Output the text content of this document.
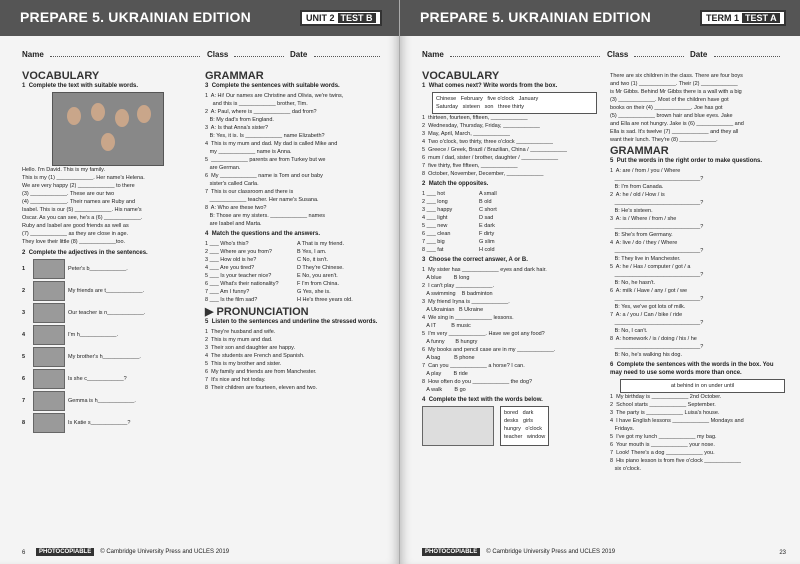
PREPARE 5. UKRAINIAN EDITION	UNIT 2 TEST B
Name	Class	Date
VOCABULARY
1 Complete the text with suitable words.
Hello. I'm David. This is my family.
This is my (1) ____________. Her name's Helena.
We are very happy (2) ____________ to there
(3) ____________. These are our two
(4) ____________. Their names are Ruby and
Isabel. This is our (5) ____________. His name's
Oscar. As you can see, he's a (6) ____________.
Ruby and Isabel are good friends as well as
(7) ____________ as they are close in age.
They love their little (8) ____________too.
2 Complete the adjectives in the sentences.
1	Peter's b____________.
2	My friends are t____________.
3	Our teacher is n____________.
4	I'm h____________.
5	My brother's h____________.
6	Is she c____________?
7	Gemma is h____________.
8	Is Katie s____________?
GRAMMAR
3 Complete the sentences with suitable words.
1  A: Hi! Our names are Christine and Olivia, we're twins,
and this is ____________ brother, Tim.
2  A: Paul, where is ____________ dad from?
B: My dad's from England.
3  A: Is that Anna's sister?
B: Yes, it is. Is ____________ name Elizabeth?
4  This is my mum and dad. My dad is called Mike and
my ____________ name is Anna.
5  ____________ parents are from Turkey but we
are German.
6  My ____________ name is Tom and our baby
sister's called Carla.
7  This is our classroom and there is
____________ teacher. Her name's Susana.
8  A: Who are these two?
B: Those are my sisters. ____________ names
are Isabel and Marta.
4 Match the questions and the answers.
1 ___ Who's this?	A That is my friend.
2 ___ Where are you from?	B Yes, I am.
3 ___ How old is he?	C No, it isn't.
4 ___ Are you tired?	D They're Chinese.
5 ___ Is your teacher nice?	E No, you aren't.
6 ___ What's their nationality?	F I'm from China.
7 ___ Am I funny?	G Yes, she is.
8 ___ Is the film sad?	H He's three years old.
▶ PRONUNCIATION
5 Listen to the sentences and underline the stressed words.
1  They're husband and wife.
2  This is my mum and dad.
3  Their son and daughter are happy.
4  The students are French and Spanish.
5  This is my brother and sister.
6  My family and friends are from Manchester.
7  It's nice and hot today.
8  Their children are fourteen, eleven and two.
6	PHOTOCOPIABLE	© Cambridge University Press and UCLES 2019
PREPARE 5. UKRAINIAN EDITION	TERM 1 TEST A
Name	Class	Date
VOCABULARY
1 What comes next? Write words from the box.
Chinese   February   five o'clock   January
Saturday   sixteen   son   three thirty
1  thirteen, fourteen, fifteen, ____________
2  Wednesday, Thursday, Friday, ____________
3  May, April, March, ____________
4  Two o'clock, two thirty, three o'clock ____________
5  Greece / Greek, Brazil / Brazilian, China / ____________
6  mum / dad, sister / brother, daughter / ____________
7  five thirty, five fifteen, ____________
8  October, November, December, ____________
2 Match the opposites.
1 ___ hot	A small
2 ___ long	B old
3 ___ happy	C short
4 ___ light	D sad
5 ___ new	E dark
6 ___ clean	F dirty
7 ___ big	G slim
8 ___ fat	H cold
3 Choose the correct answer, A or B.
1  My sister has ____________ eyes and dark hair.
A blue        B long
2  I can't play ____________.
A swimming    B badminton
3  My friend Iryna is ____________.
A Ukrainian   B Ukraine
4  We sing in ____________ lessons.
A IT          B music
5  I'm very ____________. Have we got any food?
A funny       B hungry
6  My books and pencil case are in my ____________.
A bag         B phone
7  Can you ____________ a horse? I can.
A play        B ride
8  How often do you ____________ the dog?
A walk        B go
4 Complete the text with the words below.
bored   dark
desks   girls
hungry   o'clock
teacher   window
There are six children in the class. There are four boys
and two (1) ____________. Their (2) ____________
is Mr Gibbs. Behind Mr Gibbs there is a wall with a big
(3) ____________. Most of the children have got
books on their (4) ____________. Joe has got
(5) ____________ brown hair and blue eyes. Jake
and Ella are not hungry. Jake is (6) ____________ and
Ella is sad. It's twelve (7) ____________ and they all
want their lunch. They're (8) ____________.
GRAMMAR
5 Put the words in the right order to make questions.
1  A: are / from / you / Where
____________________________?
B: I'm from Canada.
2  A: he / old / How / is
____________________________?
B: He's sixteen.
3  A: is / Where / from / she
____________________________?
B: She's from Germany.
4  A: live / do / they / Where
____________________________?
B: They live in Manchester.
5  A: he / Has / computer / got / a
____________________________?
B: No, he hasn't.
6  A: milk / Have / any / got / we
____________________________?
B: Yes, we've got lots of milk.
7  A: a / you / Can / bike / ride
____________________________?
B: No, I can't.
8  A: homework / is / doing / his / he
____________________________?
B: No, he's walking his dog.
6 Complete the sentences with the words in the box. You may need to use some words more than once.
at behind in on under until
1  My birthday is ____________ 2nd October.
2  School starts ____________ September.
3  The party is ____________ Luisa's house.
4  I have English lessons ____________ Mondays and
Fridays.
5  I've got my lunch ____________ my bag.
6  Your mouth is ____________ your nose.
7  Look! There's a dog ____________ you.
8  His piano lesson is from five o'clock ____________
six o'clock.
PHOTOCOPIABLE	© Cambridge University Press and UCLES 2019	23
